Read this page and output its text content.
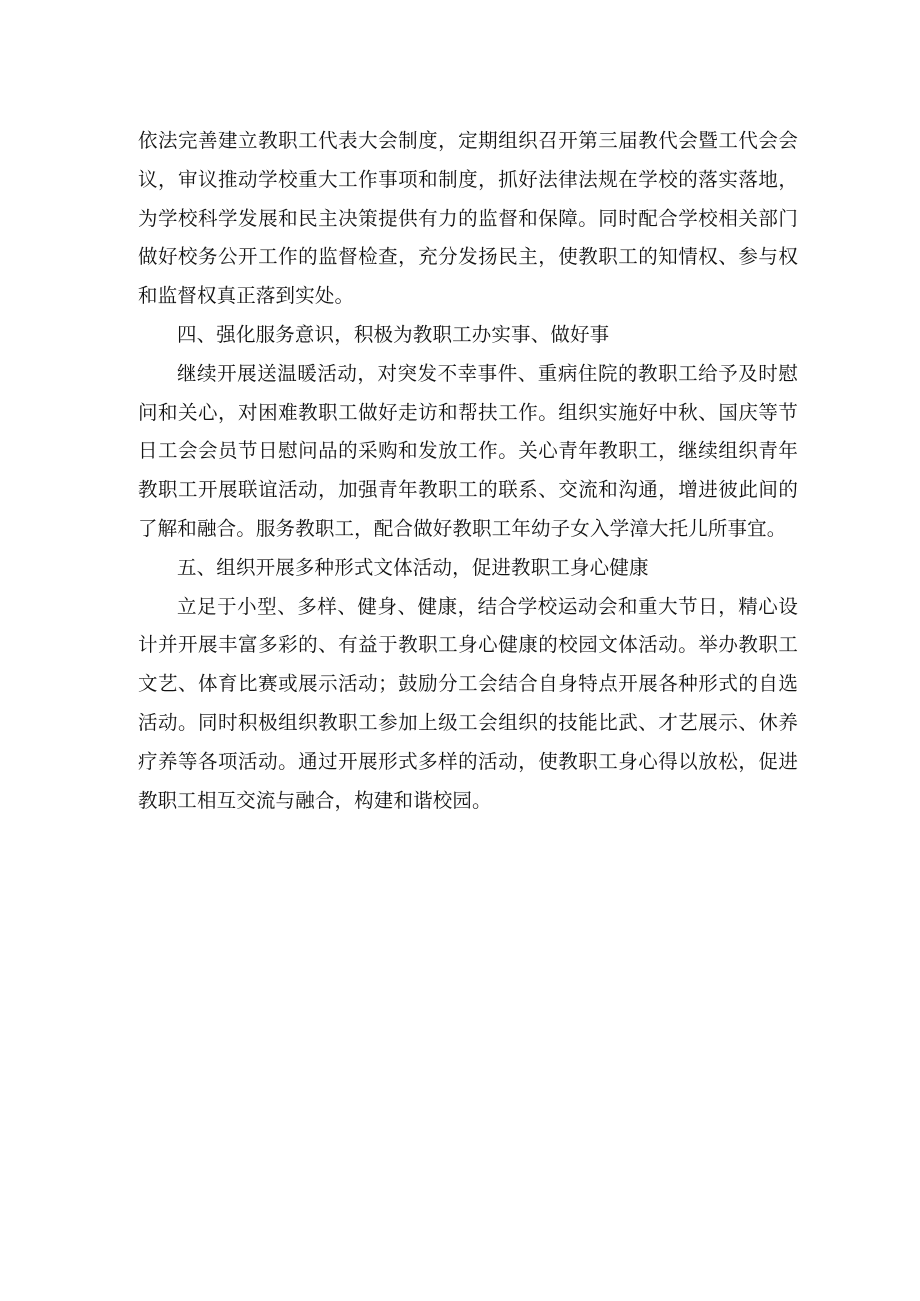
依法完善建立教职工代表大会制度，定期组织召开第三届教代会暨工代会会议，审议推动学校重大工作事项和制度，抓好法律法规在学校的落实落地，为学校科学发展和民主决策提供有力的监督和保障。同时配合学校相关部门做好校务公开工作的监督检查，充分发扬民主，使教职工的知情权、参与权和监督权真正落到实处。

四、强化服务意识，积极为教职工办实事、做好事

继续开展送温暖活动，对突发不幸事件、重病住院的教职工给予及时慰问和关心，对困难教职工做好走访和帮扶工作。组织实施好中秋、国庆等节日工会会员节日慰问品的采购和发放工作。关心青年教职工，继续组织青年教职工开展联谊活动，加强青年教职工的联系、交流和沟通，增进彼此间的了解和融合。服务教职工，配合做好教职工年幼子女入学漳大托儿所事宜。

五、组织开展多种形式文体活动，促进教职工身心健康

立足于小型、多样、健身、健康，结合学校运动会和重大节日，精心设计并开展丰富多彩的、有益于教职工身心健康的校园文体活动。举办教职工文艺、体育比赛或展示活动；鼓励分工会结合自身特点开展各种形式的自选活动。同时积极组织教职工参加上级工会组织的技能比武、才艺展示、休养疗养等各项活动。通过开展形式多样的活动，使教职工身心得以放松，促进教职工相互交流与融合，构建和谐校园。
